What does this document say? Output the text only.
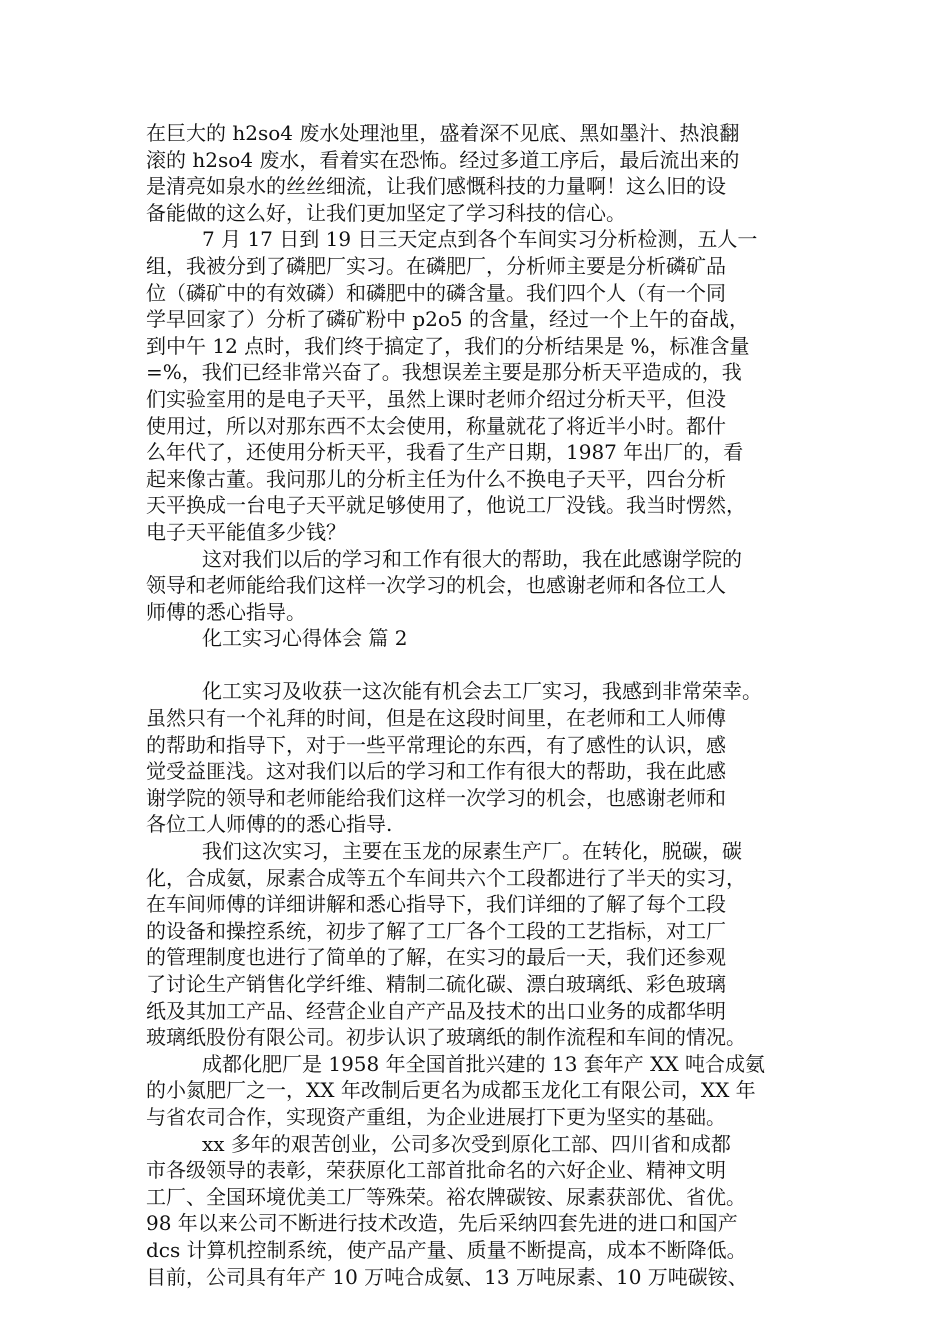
在巨大的 h2so4 废水处理池里，盛着深不见底、黑如墨汁、热浪翻
滚的 h2so4 废水，看着实在恐怖。经过多道工序后，最后流出来的
是清亮如泉水的丝丝细流，让我们感慨科技的力量啊！这么旧的设
备能做的这么好，让我们更加坚定了学习科技的信心。
7 月 17 日到 19 日三天定点到各个车间实习分析检测，五人一
组，我被分到了磷肥厂实习。在磷肥厂，分析师主要是分析磷矿品
位（磷矿中的有效磷）和磷肥中的磷含量。我们四个人（有一个同
学早回家了）分析了磷矿粉中 p2o5 的含量，经过一个上午的奋战，
到中午 12 点时，我们终于搞定了，我们的分析结果是 %，标准含量
=%，我们已经非常兴奋了。我想误差主要是那分析天平造成的，我
们实验室用的是电子天平，虽然上课时老师介绍过分析天平，但没
使用过，所以对那东西不太会使用，称量就花了将近半小时。都什
么年代了，还使用分析天平，我看了生产日期，1987 年出厂的，看
起来像古董。我问那儿的分析主任为什么不换电子天平，四台分析
天平换成一台电子天平就足够使用了，他说工厂没钱。我当时愣然，
电子天平能值多少钱？
这对我们以后的学习和工作有很大的帮助，我在此感谢学院的
领导和老师能给我们这样一次学习的机会，也感谢老师和各位工人
师傅的悉心指导。
化工实习心得体会 篇 2
化工实习及收获一这次能有机会去工厂实习，我感到非常荣幸。
虽然只有一个礼拜的时间，但是在这段时间里，在老师和工人师傅
的帮助和指导下，对于一些平常理论的东西，有了感性的认识，感
觉受益匪浅。这对我们以后的学习和工作有很大的帮助，我在此感
谢学院的领导和老师能给我们这样一次学习的机会，也感谢老师和
各位工人师傅的的悉心指导.
我们这次实习，主要在玉龙的尿素生产厂。在转化，脱碳，碳
化，合成氨，尿素合成等五个车间共六个工段都进行了半天的实习，
在车间师傅的详细讲解和悉心指导下，我们详细的了解了每个工段
的设备和操控系统，初步了解了工厂各个工段的工艺指标，对工厂
的管理制度也进行了简单的了解，在实习的最后一天，我们还参观
了讨论生产销售化学纤维、精制二硫化碳、漂白玻璃纸、彩色玻璃
纸及其加工产品、经营企业自产产品及技术的出口业务的成都华明
玻璃纸股份有限公司。初步认识了玻璃纸的制作流程和车间的情况。
成都化肥厂是 1958 年全国首批兴建的 13 套年产 XX 吨合成氨
的小氮肥厂之一，XX 年改制后更名为成都玉龙化工有限公司，XX 年
与省农司合作，实现资产重组，为企业进展打下更为坚实的基础。
xx 多年的艰苦创业，公司多次受到原化工部、四川省和成都
市各级领导的表彰，荣获原化工部首批命名的六好企业、精神文明
工厂、全国环境优美工厂等殊荣。裕农牌碳铵、尿素获部优、省优。
98 年以来公司不断进行技术改造，先后采纳四套先进的进口和国产
dcs 计算机控制系统，使产品产量、质量不断提高，成本不断降低。
目前，公司具有年产 10 万吨合成氨、13 万吨尿素、10 万吨碳铵、
